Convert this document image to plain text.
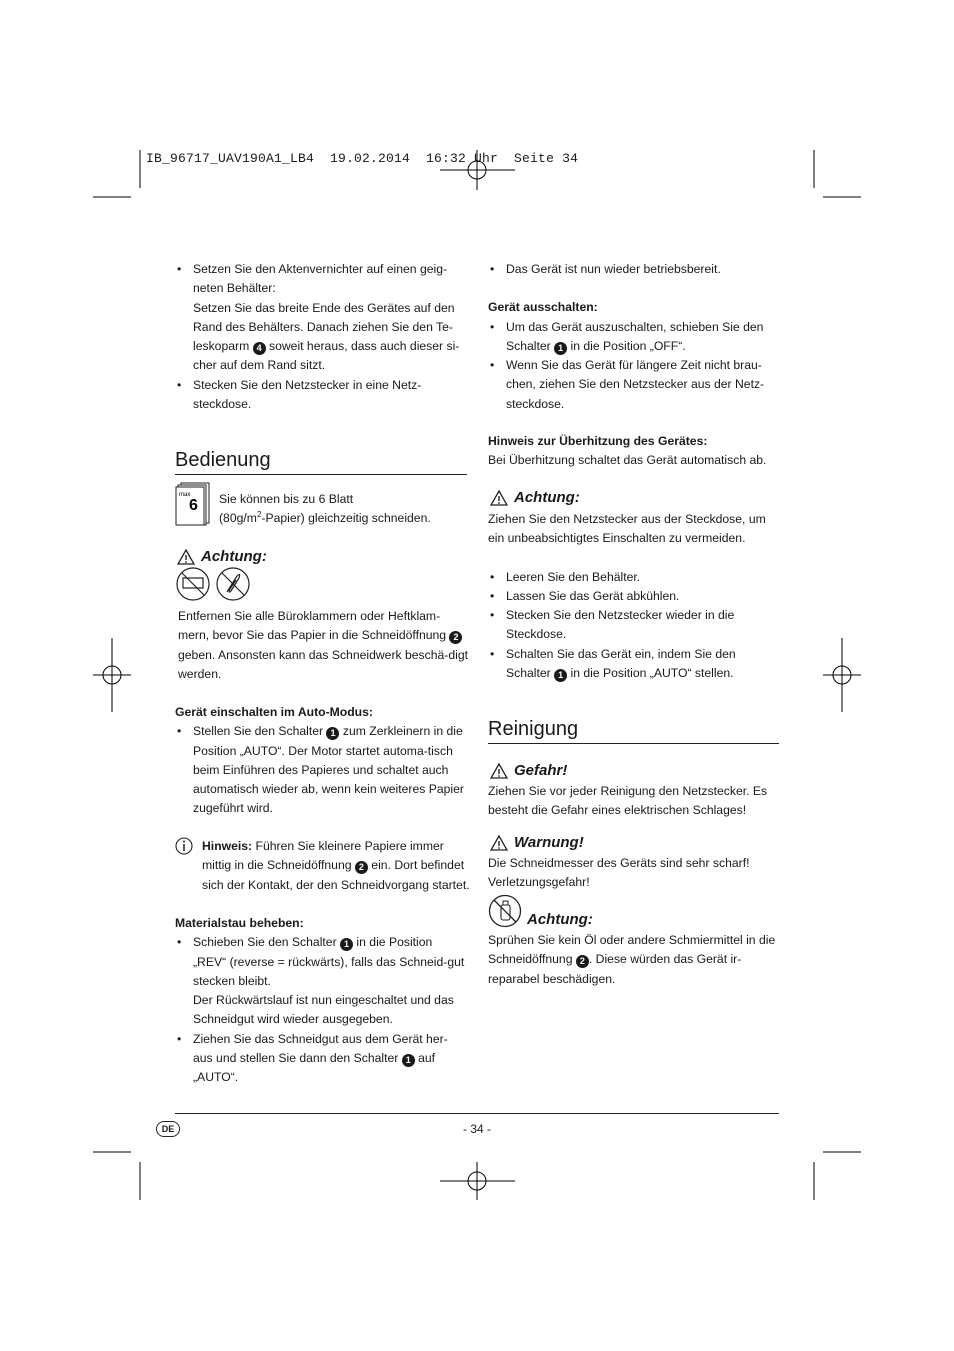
IB_96717_UAV190A1_LB4  19.02.2014  16:32 Uhr  Seite 34
• Setzen Sie den Aktenvernichter auf einen geig-neten Behälter:
Setzen Sie das breite Ende des Gerätes auf den Rand des Behälters. Danach ziehen Sie den Te-leskoparm 4 soweit heraus, dass auch dieser si-cher auf dem Rand sitzt.
• Stecken Sie den Netzstecker in eine Netz-steckdose.
Bedienung
max
6 Sie können bis zu 6 Blatt
$(80g/m^2-Papier)$ gleichzeitig schneiden.
Achtung:
Entfernen Sie alle Büroklammern oder Heftklam-mern, bevor Sie das Papier in die Schneidöffnung 2 geben. Ansonsten kann das Schneidwerk beschä-digt werden.
Gerät einschalten im Auto-Modus:
• Stellen Sie den Schalter 1 zum Zerkleinern in die Position „AUTO“. Der Motor startet automa-tisch beim Einführen des Papieres und schaltet auch automatisch wieder ab, wenn kein weiteres Papier zugeführt wird.
Hinweis: Führen Sie kleinere Papiere immer mittig in die Schneidöffnung 2 ein. Dort befindet sich der Kontakt, der den Schneidvorgang startet.
Materialstau beheben:
• Schieben Sie den Schalter 1 in die Position „REV“ (reverse = rückwärts), falls das Schneid-gut stecken bleibt.
Der Rückwärtslauf ist nun eingeschaltet und das Schneidgut wird wieder ausgegeben.
• Ziehen Sie das Schneidgut aus dem Gerät her-aus und stellen Sie dann den Schalter 1 auf „AUTO“.
• Das Gerät ist nun wieder betriebsbereit.
Gerät ausschalten:
• Um das Gerät auszuschalten, schieben Sie den Schalter 1 in die Position „OFF“.
• Wenn Sie das Gerät für längere Zeit nicht brau-chen, ziehen Sie den Netzstecker aus der Netz-steckdose.
Hinweis zur Überhitzung des Gerätes:
Bei Überhitzung schaltet das Gerät automatisch ab.
Achtung:
Ziehen Sie den Netzstecker aus der Steckdose, um ein unbeabsichtigtes Einschalten zu vermeiden.
• Leeren Sie den Behälter.
• Lassen Sie das Gerät abkühlen.
• Stecken Sie den Netzstecker wieder in die Steckdose.
• Schalten Sie das Gerät ein, indem Sie den Schalter 1 in die Position „AUTO“ stellen.
Reinigung
Gefahr!
Ziehen Sie vor jeder Reinigung den Netzstecker. Es besteht die Gefahr eines elektrischen Schlages!
Warnung!
Die Schneidmesser des Geräts sind sehr scharf! Verletzungsgefahr!
Achtung:
Sprühen Sie kein Öl oder andere Schmiermittel in die Schneidöffnung 2 . Diese würden das Gerät ir-reparabel beschädigen.
DE	- 34 -
